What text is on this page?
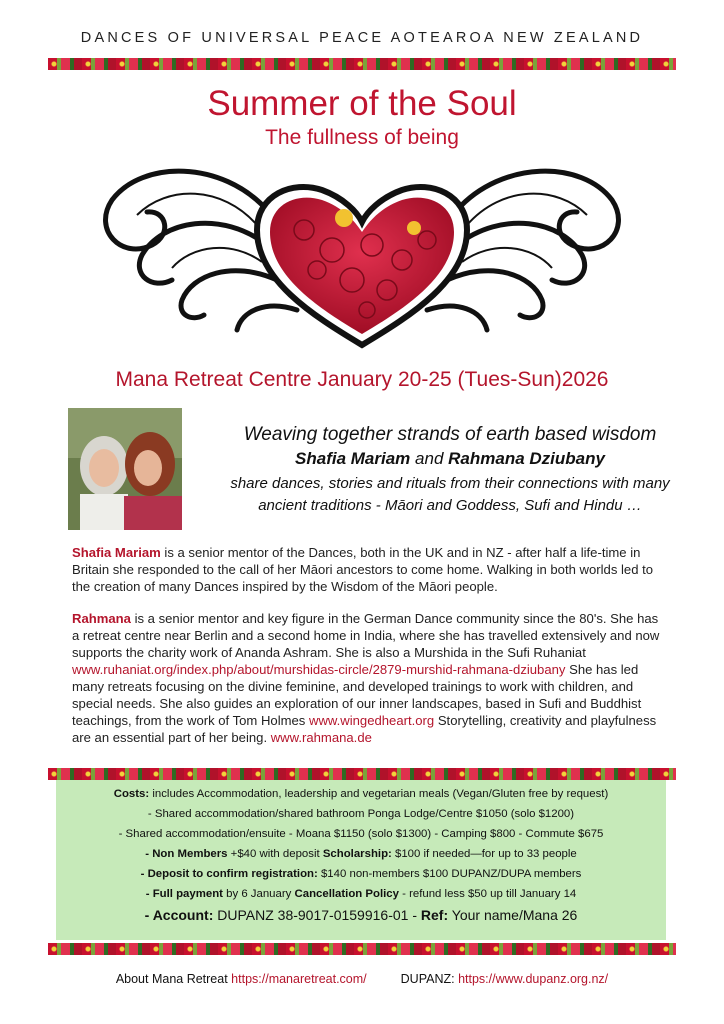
DANCES OF UNIVERSAL PEACE AOTEAROA NEW ZEALAND
Summer of the Soul
The fullness of being
Mana Retreat Centre January 20-25 (Tues-Sun)2026
Weaving together strands of earth based wisdom
Shafia Mariam and Rahmana Dziubany
share dances, stories and rituals from their connections with many
ancient traditions - Māori and Goddess, Sufi and Hindu …
Shafia Mariam is a senior mentor of the Dances, both in the UK and in NZ - after half a life-time in Britain she responded to the call of her Māori ancestors to come home. Walking in both worlds led to the creation of many Dances inspired by the Wisdom of the Māori people.
Rahmana is a senior mentor and key figure in the German Dance community since the 80's. She has a retreat centre near Berlin and a second home in India, where she has travelled extensively and now supports the charity work of Ananda Ashram. She is also a Murshida in the Sufi Ruhaniat www.ruhaniat.org/index.php/about/murshidas-circle/2879-murshid-rahmana-dziubany She has led many retreats focusing on the divine feminine, and developed trainings to work with children, and special needs. She also guides an exploration of our inner landscapes, based in Sufi and Buddhist teachings, from the work of Tom Holmes www.wingedheart.org Storytelling, creativity and playfulness are an essential part of her being. www.rahmana.de
Costs: includes Accommodation, leadership and vegetarian meals (Vegan/Gluten free by request)
- Shared accommodation/shared bathroom Ponga Lodge/Centre $1050 (solo $1200)
- Shared accommodation/ensuite - Moana $1150 (solo $1300) - Camping $800 - Commute $675
- Non Members +$40 with deposit Scholarship: $100 if needed—for up to 33 people
- Deposit to confirm registration: $140 non-members $100 DUPANZ/DUPA members
- Full payment by 6 January Cancellation Policy - refund less $50 up till January 14
- Account: DUPANZ 38-9017-0159916-01 - Ref: Your name/Mana 26
About Mana Retreat https://manaretreat.com/	DUPANZ: https://www.dupanz.org.nz/
